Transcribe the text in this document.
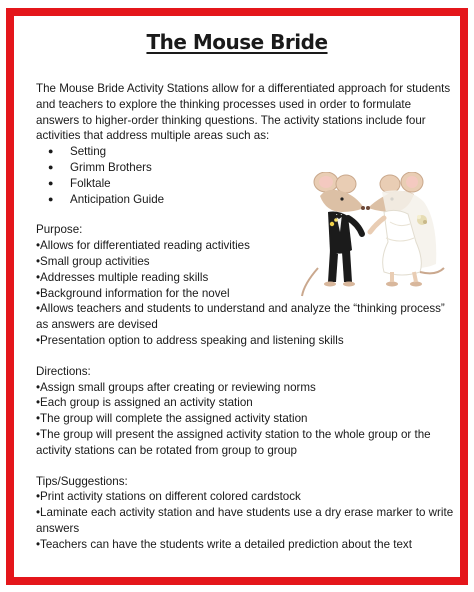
The Mouse Bride

The Mouse Bride Activity Stations allow for a differentiated approach for students and teachers to explore the thinking processes used in order to formulate answers to higher-order thinking questions. The activity stations include four activities that address multiple areas such as:

● Setting
● Grimm Brothers
● Folktale
● Anticipation Guide

Purpose:

•Allows for differentiated reading activities

•Small group activities

•Addresses multiple reading skills

•Background information for the novel

•Allows teachers and students to understand and analyze the “thinking process” as answers are devised

•Presentation option to address speaking and listening skills

Directions:

•Assign small groups after creating or reviewing norms

•Each group is assigned an activity station

•The group will complete the assigned activity station

•The group will present the assigned activity station to the whole group or the activity stations can be rotated from group to group

Tips/Suggestions:

•Print activity stations on different colored cardstock

•Laminate each activity station and have students use a dry erase marker to write answers

•Teachers can have the students write a detailed prediction about the text
